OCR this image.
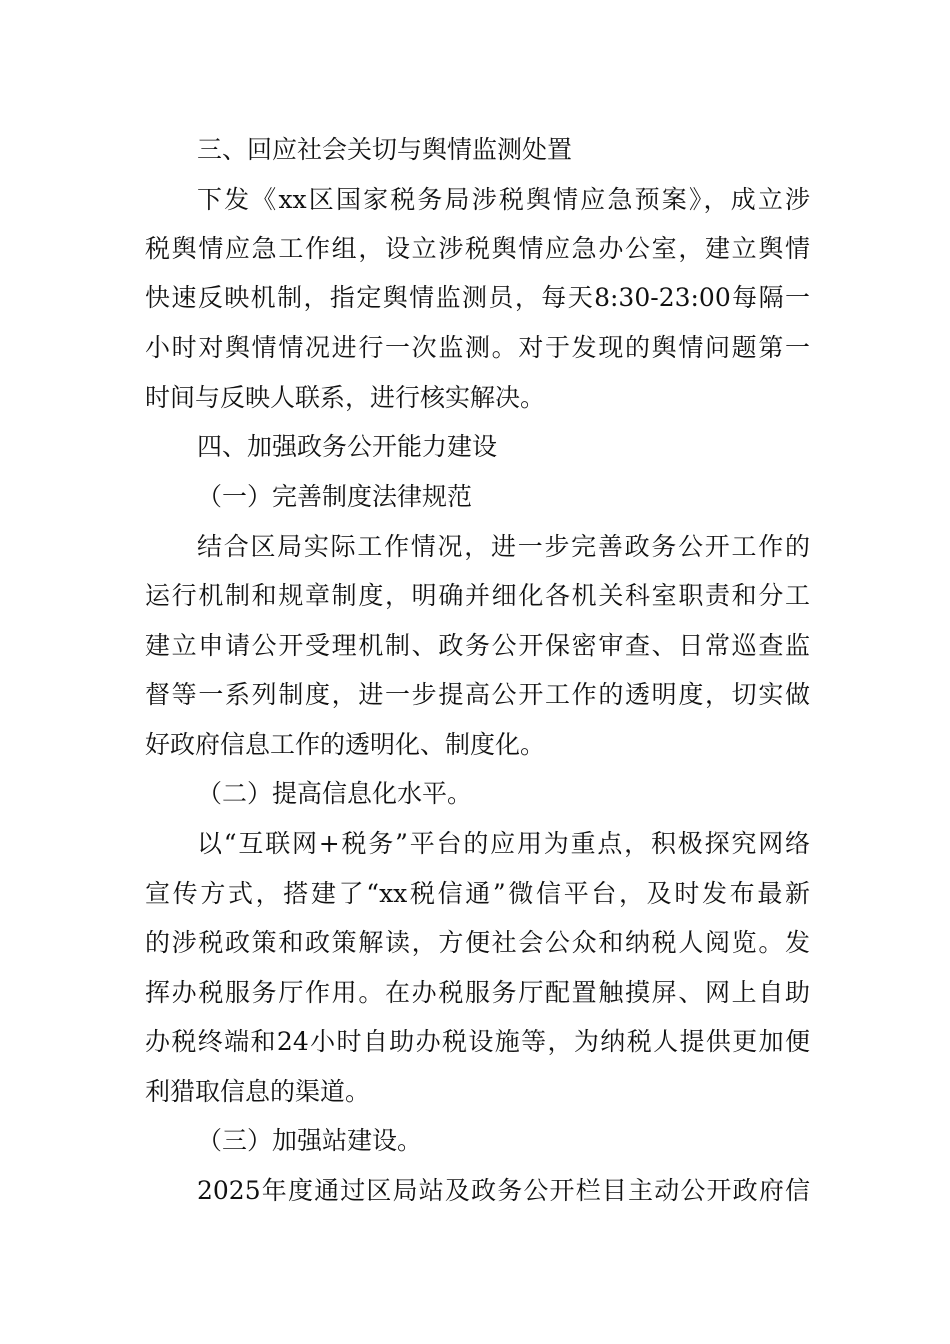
三、回应社会关切与舆情监测处置
下发《xx区国家税务局涉税舆情应急预案》，成立涉
税舆情应急工作组，设立涉税舆情应急办公室，建立舆情
快速反映机制，指定舆情监测员，每天8:30-23:00每隔一
小时对舆情情况进行一次监测。对于发现的舆情问题第一
时间与反映人联系，进行核实解决。
四、加强政务公开能力建设
（一）完善制度法律规范
结合区局实际工作情况，进一步完善政务公开工作的
运行机制和规章制度，明确并细化各机关科室职责和分工
建立申请公开受理机制、政务公开保密审查、日常巡查监
督等一系列制度，进一步提高公开工作的透明度，切实做
好政府信息工作的透明化、制度化。
（二）提高信息化水平。
以“互联网+税务”平台的应用为重点，积极探究网络
宣传方式，搭建了“xx税信通”微信平台，及时发布最新
的涉税政策和政策解读，方便社会公众和纳税人阅览。发
挥办税服务厅作用。在办税服务厅配置触摸屏、网上自助
办税终端和24小时自助办税设施等，为纳税人提供更加便
利猎取信息的渠道。
（三）加强站建设。
2025年度通过区局站及政务公开栏目主动公开政府信
